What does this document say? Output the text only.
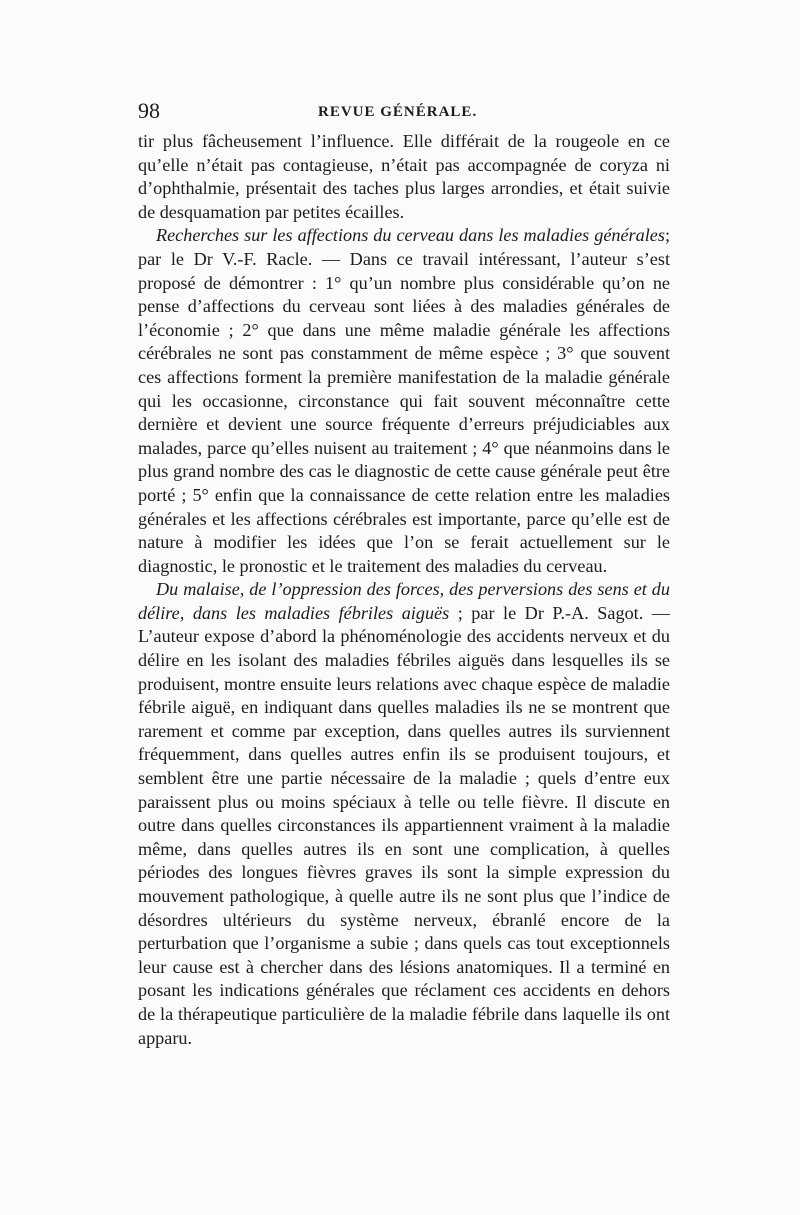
98	REVUE GÉNÉRALE.

tir plus fâcheusement l’influence. Elle différait de la rougeole en ce qu’elle n’était pas contagieuse, n’était pas accompagnée de coryza ni d’ophthalmie, présentait des taches plus larges arrondies, et était suivie de desquamation par petites écailles.

Recherches sur les affections du cerveau dans les maladies générales; par le Dr V.-F. Racle. — Dans ce travail intéressant, l’auteur s’est proposé de démontrer : 1° qu’un nombre plus considérable qu’on ne pense d’affections du cerveau sont liées à des maladies générales de l’économie ; 2° que dans une même maladie générale les affections cérébrales ne sont pas constamment de même espèce ; 3° que souvent ces affections forment la première manifestation de la maladie générale qui les occasionne, circonstance qui fait souvent méconnaître cette dernière et devient une source fréquente d’erreurs préjudiciables aux malades, parce qu’elles nuisent au traitement ; 4° que néanmoins dans le plus grand nombre des cas le diagnostic de cette cause générale peut être porté ; 5° enfin que la connaissance de cette relation entre les maladies générales et les affections cérébrales est importante, parce qu’elle est de nature à modifier les idées que l’on se ferait actuellement sur le diagnostic, le pronostic et le traitement des maladies du cerveau.

Du malaise, de l’oppression des forces, des perversions des sens et du délire, dans les maladies fébriles aiguës ; par le Dr P.-A. Sagot. — L’auteur expose d’abord la phénoménologie des accidents nerveux et du délire en les isolant des maladies fébriles aiguës dans lesquelles ils se produisent, montre ensuite leurs relations avec chaque espèce de maladie fébrile aiguë, en indiquant dans quelles maladies ils ne se montrent que rarement et comme par exception, dans quelles autres ils surviennent fréquemment, dans quelles autres enfin ils se produisent toujours, et semblent être une partie nécessaire de la maladie ; quels d’entre eux paraissent plus ou moins spéciaux à telle ou telle fièvre. Il discute en outre dans quelles circonstances ils appartiennent vraiment à la maladie même, dans quelles autres ils en sont une complication, à quelles périodes des longues fièvres graves ils sont la simple expression du mouvement pathologique, à quelle autre ils ne sont plus que l’indice de désordres ultérieurs du système nerveux, ébranlé encore de la perturbation que l’organisme a subie ; dans quels cas tout exceptionnels leur cause est à chercher dans des lésions anatomiques. Il a terminé en posant les indications générales que réclament ces accidents en dehors de la thérapeutique particulière de la maladie fébrile dans laquelle ils ont apparu.
